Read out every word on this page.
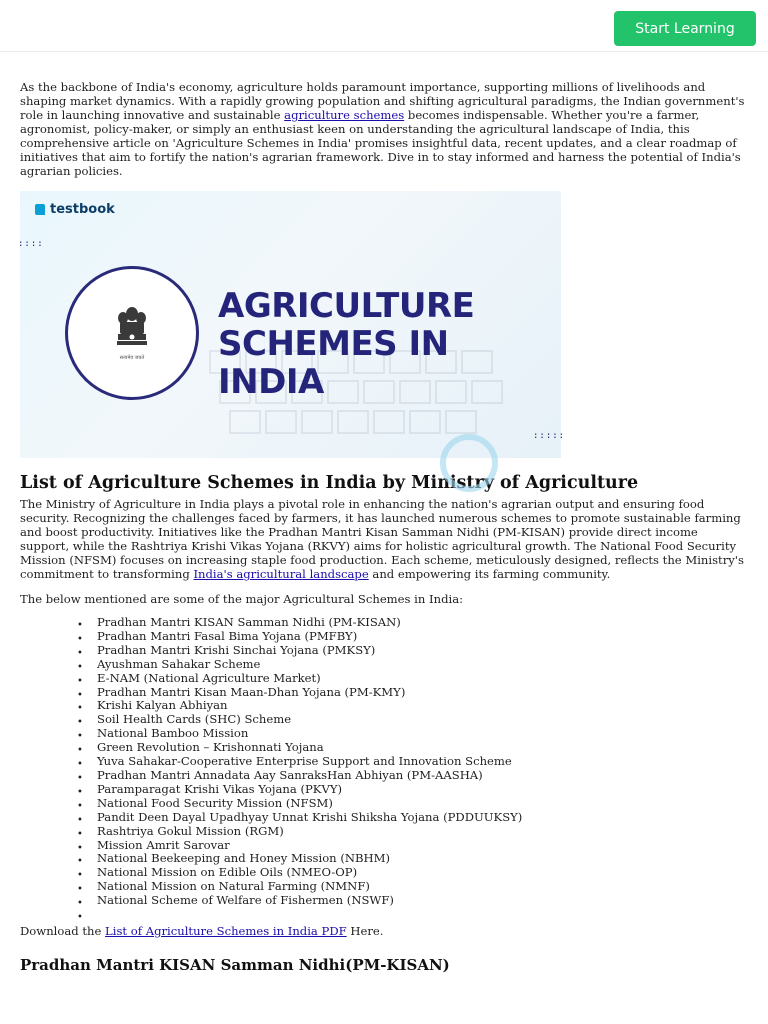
Start Learning

As the backbone of India's economy, agriculture holds paramount importance, supporting millions of livelihoods and shaping market dynamics. With a rapidly growing population and shifting agricultural paradigms, the Indian government's role in launching innovative and sustainable agriculture schemes becomes indispensable. Whether you're a farmer, agronomist, policy-maker, or simply an enthusiast keen on understanding the agricultural landscape of India, this comprehensive article on 'Agriculture Schemes in India' promises insightful data, recent updates, and a clear roadmap of initiatives that aim to fortify the nation's agrarian framework. Dive in to stay informed and harness the potential of India's agrarian policies.

testbook
::::
:::::
सत्यमेव जयते
AGRICULTURE
SCHEMES IN INDIA
List of Agriculture Schemes in India by Ministry of Agriculture

The Ministry of Agriculture in India plays a pivotal role in enhancing the nation's agrarian output and ensuring food security. Recognizing the challenges faced by farmers, it has launched numerous schemes to promote sustainable farming and boost productivity. Initiatives like the Pradhan Mantri Kisan Samman Nidhi (PM-KISAN) provide direct income support, while the Rashtriya Krishi Vikas Yojana (RKVY) aims for holistic agricultural growth. The National Food Security Mission (NFSM) focuses on increasing staple food production. Each scheme, meticulously designed, reflects the Ministry's commitment to transforming India's agricultural landscape and empowering its farming community.

The below mentioned are some of the major Agricultural Schemes in India:

• Pradhan Mantri KISAN Samman Nidhi (PM-KISAN)
• Pradhan Mantri Fasal Bima Yojana (PMFBY)
• Pradhan Mantri Krishi Sinchai Yojana (PMKSY)
• Ayushman Sahakar Scheme
• E-NAM (National Agriculture Market)
• Pradhan Mantri Kisan Maan-Dhan Yojana (PM-KMY)
• Krishi Kalyan Abhiyan
• Soil Health Cards (SHC) Scheme
• National Bamboo Mission
• Green Revolution – Krishonnati Yojana
• Yuva Sahakar-Cooperative Enterprise Support and Innovation Scheme
• Pradhan Mantri Annadata Aay SanraksHan Abhiyan (PM-AASHA)
• Paramparagat Krishi Vikas Yojana (PKVY)
• National Food Security Mission (NFSM)
• Pandit Deen Dayal Upadhyay Unnat Krishi Shiksha Yojana (PDDUUKSY)
• Rashtriya Gokul Mission (RGM)
• Mission Amrit Sarovar
• National Beekeeping and Honey Mission (NBHM)
• National Mission on Edible Oils (NMEO-OP)
• National Mission on Natural Farming (NMNF)
• National Scheme of Welfare of Fishermen (NSWF)
•

Download the List of Agriculture Schemes in India PDF Here.

Pradhan Mantri KISAN Samman Nidhi(PM-KISAN)
